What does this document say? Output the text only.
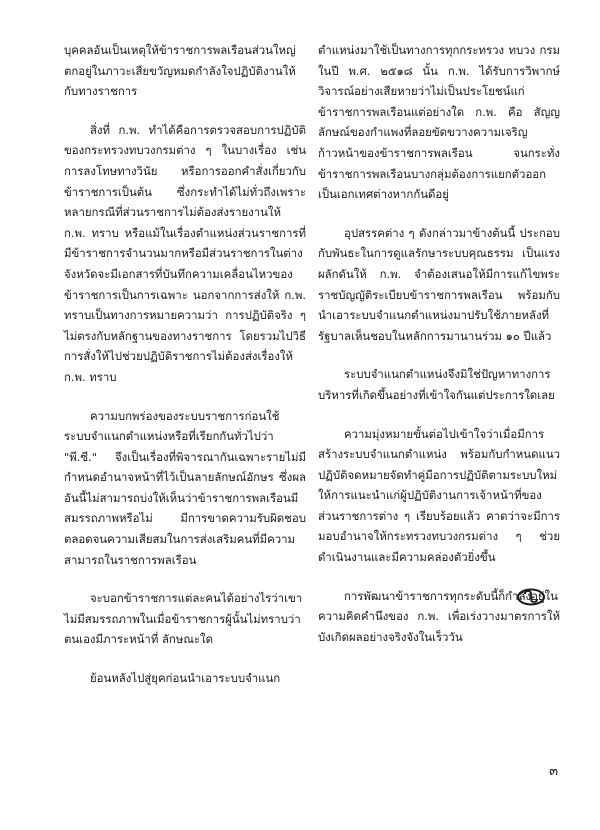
บุคคลอันเป็นเหตุให้ข้าราชการพลเรือนส่วนใหญ่ตกอยู่ในภาวะเสียขวัญหมดกำลังใจปฏิบัติงานให้กับทางราชการ

สิ่งที่ ก.พ. ทำได้คือการตรวจสอบการปฏิบัติของกระทรวงทบวงกรมต่าง ๆ ในบางเรื่อง เช่น การลงโทษทางวินัย หรือการออกคำสั่งเกี่ยวกับข้าราชการเป็นต้น ซึ่งกระทำได้ไม่ทั่วถึงเพราะหลายกรณีที่ส่วนราชการไม่ต้องส่งรายงานให้ ก.พ. ทราบ หรือแม้ในเรื่องตำแหน่งส่วนราชการที่มีข้าราชการจำนวนมากหรือมีส่วนราชการในต่างจังหวัดจะมีเอกสารที่บันทึกความเคลื่อนไหวของข้าราชการเป็นการเฉพาะ นอกจากการส่งให้ ก.พ. ทราบเป็นทางการหมายความว่า การปฏิบัติจริง ๆ ไม่ตรงกับหลักฐานของทางราชการ โดยรวมไปวิธีการสั่งให้ไปช่วยปฏิบัติราชการไม่ต้องส่งเรื่องให้ ก.พ. ทราบ

ความบกพร่องของระบบราชการก่อนใช้ระบบจำแนกตำแหน่งหรือที่เรียกกันทั่วไปว่า "พี.ซี." จึงเป็นเรื่องที่พิจารณากันเฉพาะรายไม่มีกำหนดอำนาจหน้าที่ไว้เป็นลายลักษณ์อักษร ซึ่งผลอันนี้ไม่สามารถบ่งให้เห็นว่าข้าราชการพลเรือนมีสมรรถภาพหรือไม่ มีการขาดความรับผิดชอบ ตลอดจนความเสียสมในการส่งเสริมคนที่มีความสามารถในราชการพลเรือน

จะบอกข้าราชการแต่ละคนได้อย่างไรว่าเขาไม่มีสมรรถภาพในเมื่อข้าราชการผู้นั้นไม่ทราบว่าตนเองมีภาระหน้าที่ ลักษณะใด

ย้อนหลังไปสู่ยุคก่อนนำเอาระบบจำแนก

ตำแหน่งมาใช้เป็นทางการทุกกระทรวง ทบวง กรม ในปี พ.ศ. ๒๕๑๘ นั้น ก.พ. ได้รับการวิพากษ์วิจารณ์อย่างเสียหายว่าไม่เป็นประโยชน์แก่ข้าราชการพลเรือนแต่อย่างใด ก.พ. คือ สัญญลักษณ์ของกำแพงที่ลอยขัดขวางความเจริญก้าวหน้าของข้าราชการพลเรือน จนกระทั่งข้าราชการพลเรือนบางกลุ่มต้องการแยกตัวออกเป็นเอกเทศต่างหากกันดีอยู่

อุปสรรคต่าง ๆ ดังกล่าวมาข้างต้นนี้ ประกอบกับพันธะในการดูแลรักษาระบบคุณธรรม เป็นแรงผลักดันให้ ก.พ. จำต้องเสนอให้มีการแก้ไขพระราชบัญญัติระเบียบข้าราชการพลเรือน พร้อมกับนำเอาระบบจำแนกตำแหน่งมาปรับใช้ภายหลังที่รัฐบาลเห็นชอบในหลักการมานานร่วม ๑๐ ปีแล้ว

ระบบจำแนกตำแหน่งจึงมิใช่ปัญหาทางการบริหารที่เกิดขึ้นอย่างที่เข้าใจกันแต่ประการใดเลย

ความมุ่งหมายขั้นต่อไปเข้าใจว่าเมื่อมีการสร้างระบบจำแนกตำแหน่ง พร้อมกับกำหนดแนวปฏิบัติจดหมายจัดทำคู่มือการปฏิบัติตามระบบใหม่ให้การแนะนำแก่ผู้ปฏิบัติงานการเจ้าหน้าที่ของส่วนราชการต่าง ๆ เรียบร้อยแล้ว คาดว่าจะมีการมอบอำนาจให้กระทรวงทบวงกรมต่าง ๆ ช่วยดำเนินงานและมีความคล่องตัวยิ่งขึ้น

การพัฒนาข้าราชการทุกระดับนี้ก็กำลังอยู่ในความคิดคำนึงของ ก.พ. เพื่อเร่งวางมาตรการให้บังเกิดผลอย่างจริงจังในเร็ววัน

๓
